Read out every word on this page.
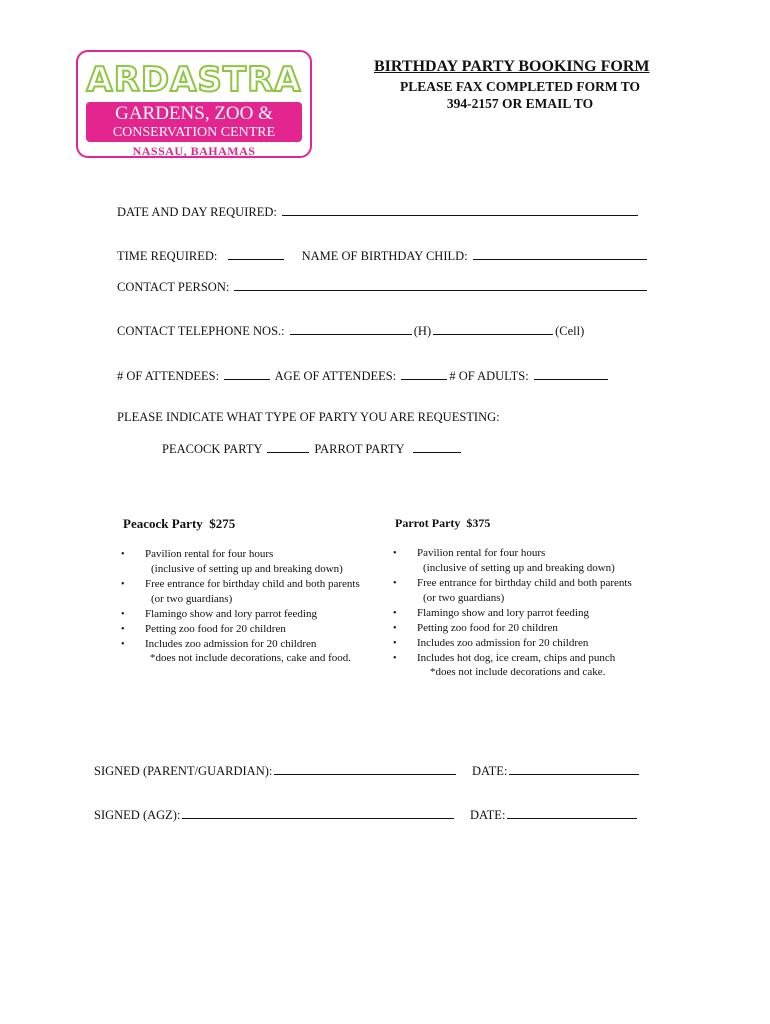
ARDASTRA
GARDENS, ZOO &
CONSERVATION CENTRE
NASSAU, BAHAMAS
BIRTHDAY PARTY BOOKING FORM
PLEASE FAX COMPLETED FORM TO
394-2157 OR EMAIL TO
DATE AND DAY REQUIRED:
TIME REQUIRED:	NAME OF BIRTHDAY CHILD:
CONTACT PERSON:
CONTACT TELEPHONE NOS.:	(H)	(Cell)
# OF ATTENDEES:	AGE OF ATTENDEES:	# OF ADULTS:
PLEASE INDICATE WHAT TYPE OF PARTY YOU ARE REQUESTING:
PEACOCK PARTY	PARROT PARTY
Peacock Party $275
• Pavilion rental for four hours
(inclusive of setting up and breaking down)
• Free entrance for birthday child and both parents
(or two guardians)
• Flamingo show and lory parrot feeding
• Petting zoo food for 20 children
• Includes zoo admission for 20 children
*does not include decorations, cake and food.
Parrot Party $375
• Pavilion rental for four hours
(inclusive of setting up and breaking down)
• Free entrance for birthday child and both parents
(or two guardians)
• Flamingo show and lory parrot feeding
• Petting zoo food for 20 children
• Includes zoo admission for 20 children
• Includes hot dog, ice cream, chips and punch
*does not include decorations and cake.
SIGNED (PARENT/GUARDIAN):	DATE:
SIGNED (AGZ):	DATE:
